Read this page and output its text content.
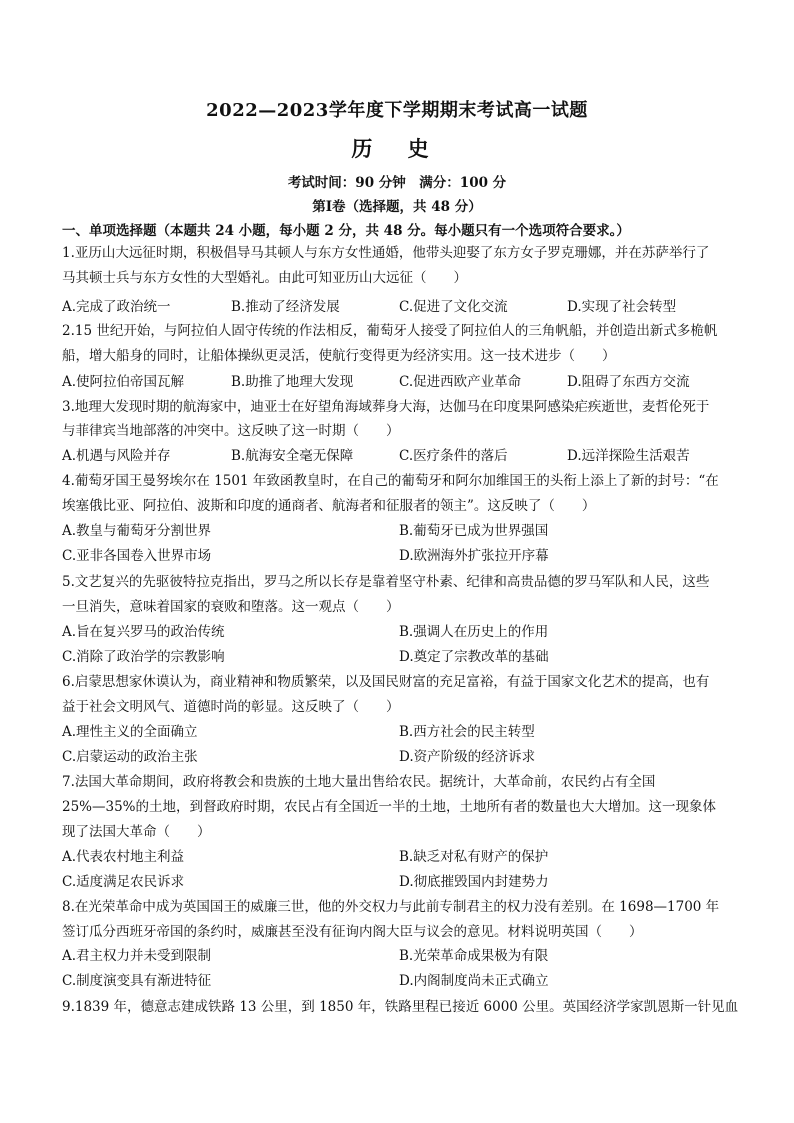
2022—2023学年度下学期期末考试高一试题
历 史
考试时间：90 分钟　满分：100 分
第Ⅰ卷（选择题，共 48 分）
一、单项选择题（本题共 24 小题，每小题 2 分，共 48 分。每小题只有一个选项符合要求。）
1.亚历山大远征时期，积极倡导马其顿人与东方女性通婚，他带头迎娶了东方女子罗克珊娜，并在苏萨举行了
马其顿士兵与东方女性的大型婚礼。由此可知亚历山大远征（　　）
A.完成了政治统一	B.推动了经济发展	C.促进了文化交流	D.实现了社会转型
2.15 世纪开始，与阿拉伯人固守传统的作法相反，葡萄牙人接受了阿拉伯人的三角帆船，并创造出新式多桅帆
船，增大船身的同时，让船体操纵更灵活，使航行变得更为经济实用。这一技术进步（　　）
A.使阿拉伯帝国瓦解	B.助推了地理大发现	C.促进西欧产业革命	D.阻碍了东西方交流
3.地理大发现时期的航海家中，迪亚士在好望角海域葬身大海，达伽马在印度果阿感染疟疾逝世，麦哲伦死于
与菲律宾当地部落的冲突中。这反映了这一时期（　　）
A.机遇与风险并存	B.航海安全毫无保障	C.医疗条件的落后	D.远洋探险生活艰苦
4.葡萄牙国王曼努埃尔在 1501 年致函教皇时，在自己的葡萄牙和阿尔加维国王的头衔上添上了新的封号：“在
埃塞俄比亚、阿拉伯、波斯和印度的通商者、航海者和征服者的领主”。这反映了（　　）
A.教皇与葡萄牙分割世界	B.葡萄牙已成为世界强国
C.亚非各国卷入世界市场	D.欧洲海外扩张拉开序幕
5.文艺复兴的先驱彼特拉克指出，罗马之所以长存是靠着坚守朴素、纪律和高贵品德的罗马军队和人民，这些
一旦消失，意味着国家的衰败和堕落。这一观点（　　）
A.旨在复兴罗马的政治传统	B.强调人在历史上的作用
C.消除了政治学的宗教影响	D.奠定了宗教改革的基础
6.启蒙思想家休谟认为，商业精神和物质繁荣，以及国民财富的充足富裕，有益于国家文化艺术的提高，也有
益于社会文明风气、道德时尚的彰显。这反映了（　　）
A.理性主义的全面确立	B.西方社会的民主转型
C.启蒙运动的政治主张	D.资产阶级的经济诉求
7.法国大革命期间，政府将教会和贵族的土地大量出售给农民。据统计，大革命前，农民约占有全国
25%—35%的土地，到督政府时期，农民占有全国近一半的土地，土地所有者的数量也大大增加。这一现象体
现了法国大革命（　　）
A.代表农村地主利益	B.缺乏对私有财产的保护
C.适度满足农民诉求	D.彻底摧毁国内封建势力
8.在光荣革命中成为英国国王的威廉三世，他的外交权力与此前专制君主的权力没有差别。在 1698—1700 年
签订瓜分西班牙帝国的条约时，威廉甚至没有征询内阁大臣与议会的意见。材料说明英国（　　）
A.君主权力并未受到限制	B.光荣革命成果极为有限
C.制度演变具有渐进特征	D.内阁制度尚未正式确立
9.1839 年，德意志建成铁路 13 公里，到 1850 年，铁路里程已接近 6000 公里。英国经济学家凯恩斯一针见血
